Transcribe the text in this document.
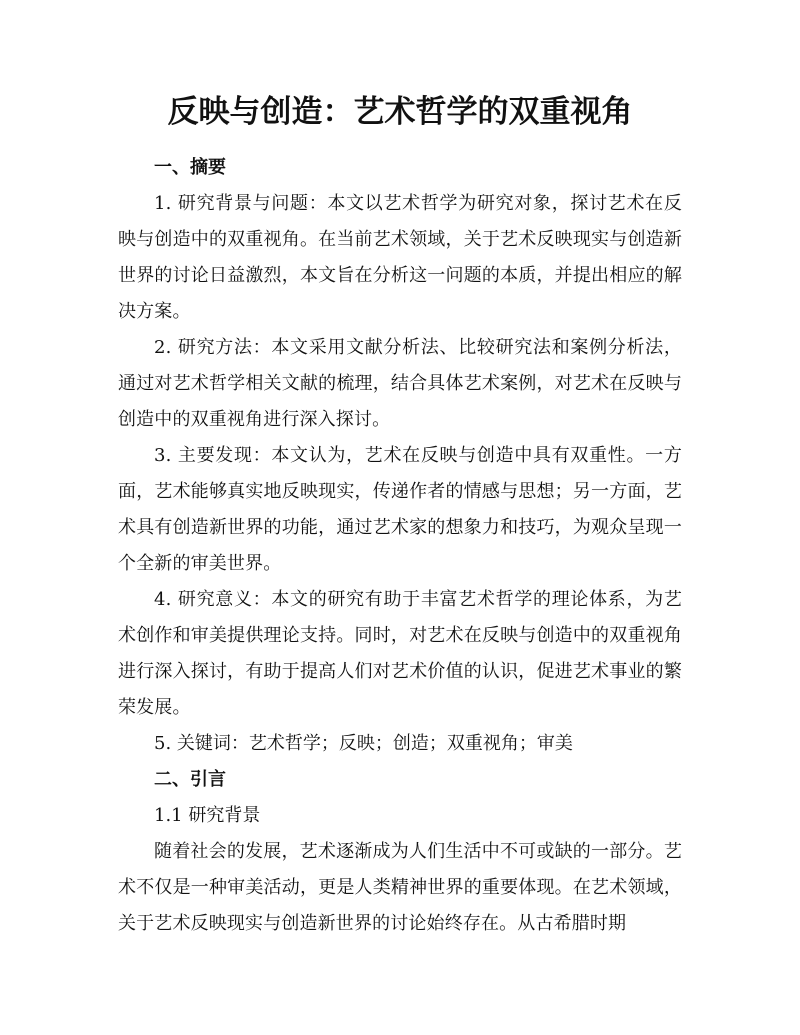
反映与创造：艺术哲学的双重视角

一、摘要

1. 研究背景与问题：本文以艺术哲学为研究对象，探讨艺术在反映与创造中的双重视角。在当前艺术领域，关于艺术反映现实与创造新世界的讨论日益激烈，本文旨在分析这一问题的本质，并提出相应的解决方案。

2. 研究方法：本文采用文献分析法、比较研究法和案例分析法，通过对艺术哲学相关文献的梳理，结合具体艺术案例，对艺术在反映与创造中的双重视角进行深入探讨。

3. 主要发现：本文认为，艺术在反映与创造中具有双重性。一方面，艺术能够真实地反映现实，传递作者的情感与思想；另一方面，艺术具有创造新世界的功能，通过艺术家的想象力和技巧，为观众呈现一个全新的审美世界。

4. 研究意义：本文的研究有助于丰富艺术哲学的理论体系，为艺术创作和审美提供理论支持。同时，对艺术在反映与创造中的双重视角进行深入探讨，有助于提高人们对艺术价值的认识，促进艺术事业的繁荣发展。

5. 关键词：艺术哲学；反映；创造；双重视角；审美

二、引言

1.1 研究背景

随着社会的发展，艺术逐渐成为人们生活中不可或缺的一部分。艺术不仅是一种审美活动，更是人类精神世界的重要体现。在艺术领域，关于艺术反映现实与创造新世界的讨论始终存在。从古希腊时期
